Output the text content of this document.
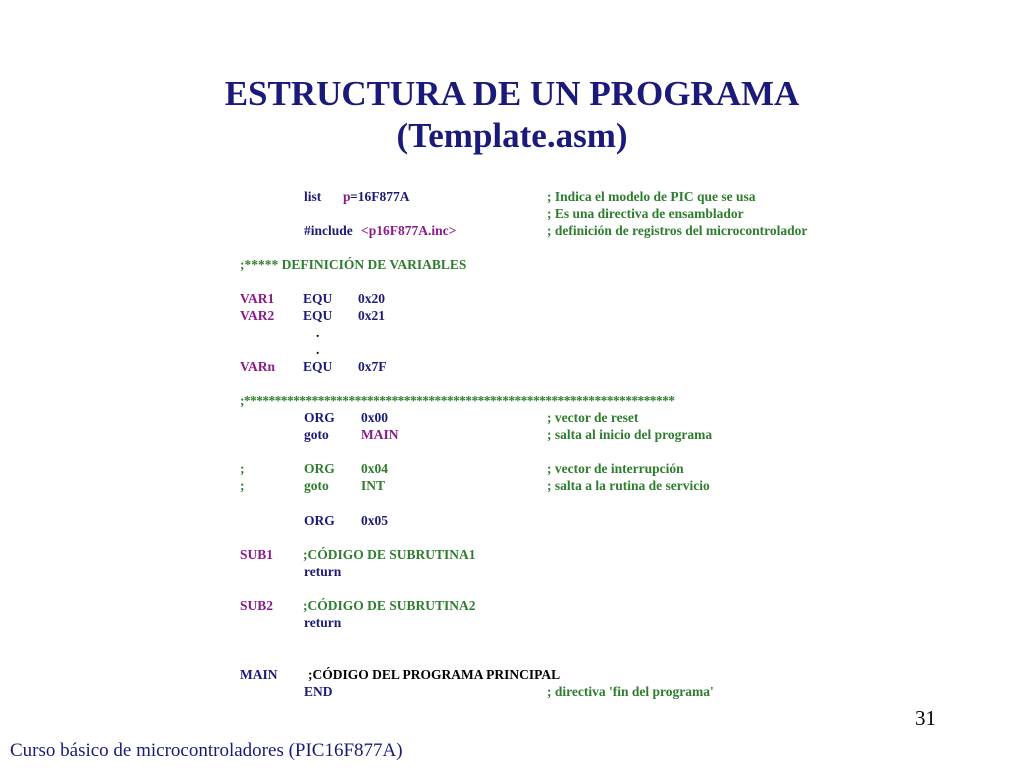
ESTRUCTURA DE UN PROGRAMA
(Template.asm)
list p =16F877A	; Indica el modelo de PIC que se usa
; Es una directiva de ensamblador
#include <p16F877A.inc>	; definición de registros del microcontrolador
;***** DEFINICIÓN DE VARIABLES
VAR1 EQU 0x20
VAR2 EQU 0x21
.
.
VARn EQU 0x7F
;**********************************************************************
ORG 0x00	; vector de reset
goto MAIN	; salta al inicio del programa
;	ORG 0x04	; vector de interrupción
;	goto INT	; salta a la rutina de servicio
ORG 0x05
SUB1 ;CÓDIGO DE SUBRUTINA1
return
SUB2 ;CÓDIGO DE SUBRUTINA2
return
MAIN ;CÓDIGO DEL PROGRAMA PRINCIPAL
END	; directiva 'fin del programa'
31
Curso básico de microcontroladores (PIC16F877A)
